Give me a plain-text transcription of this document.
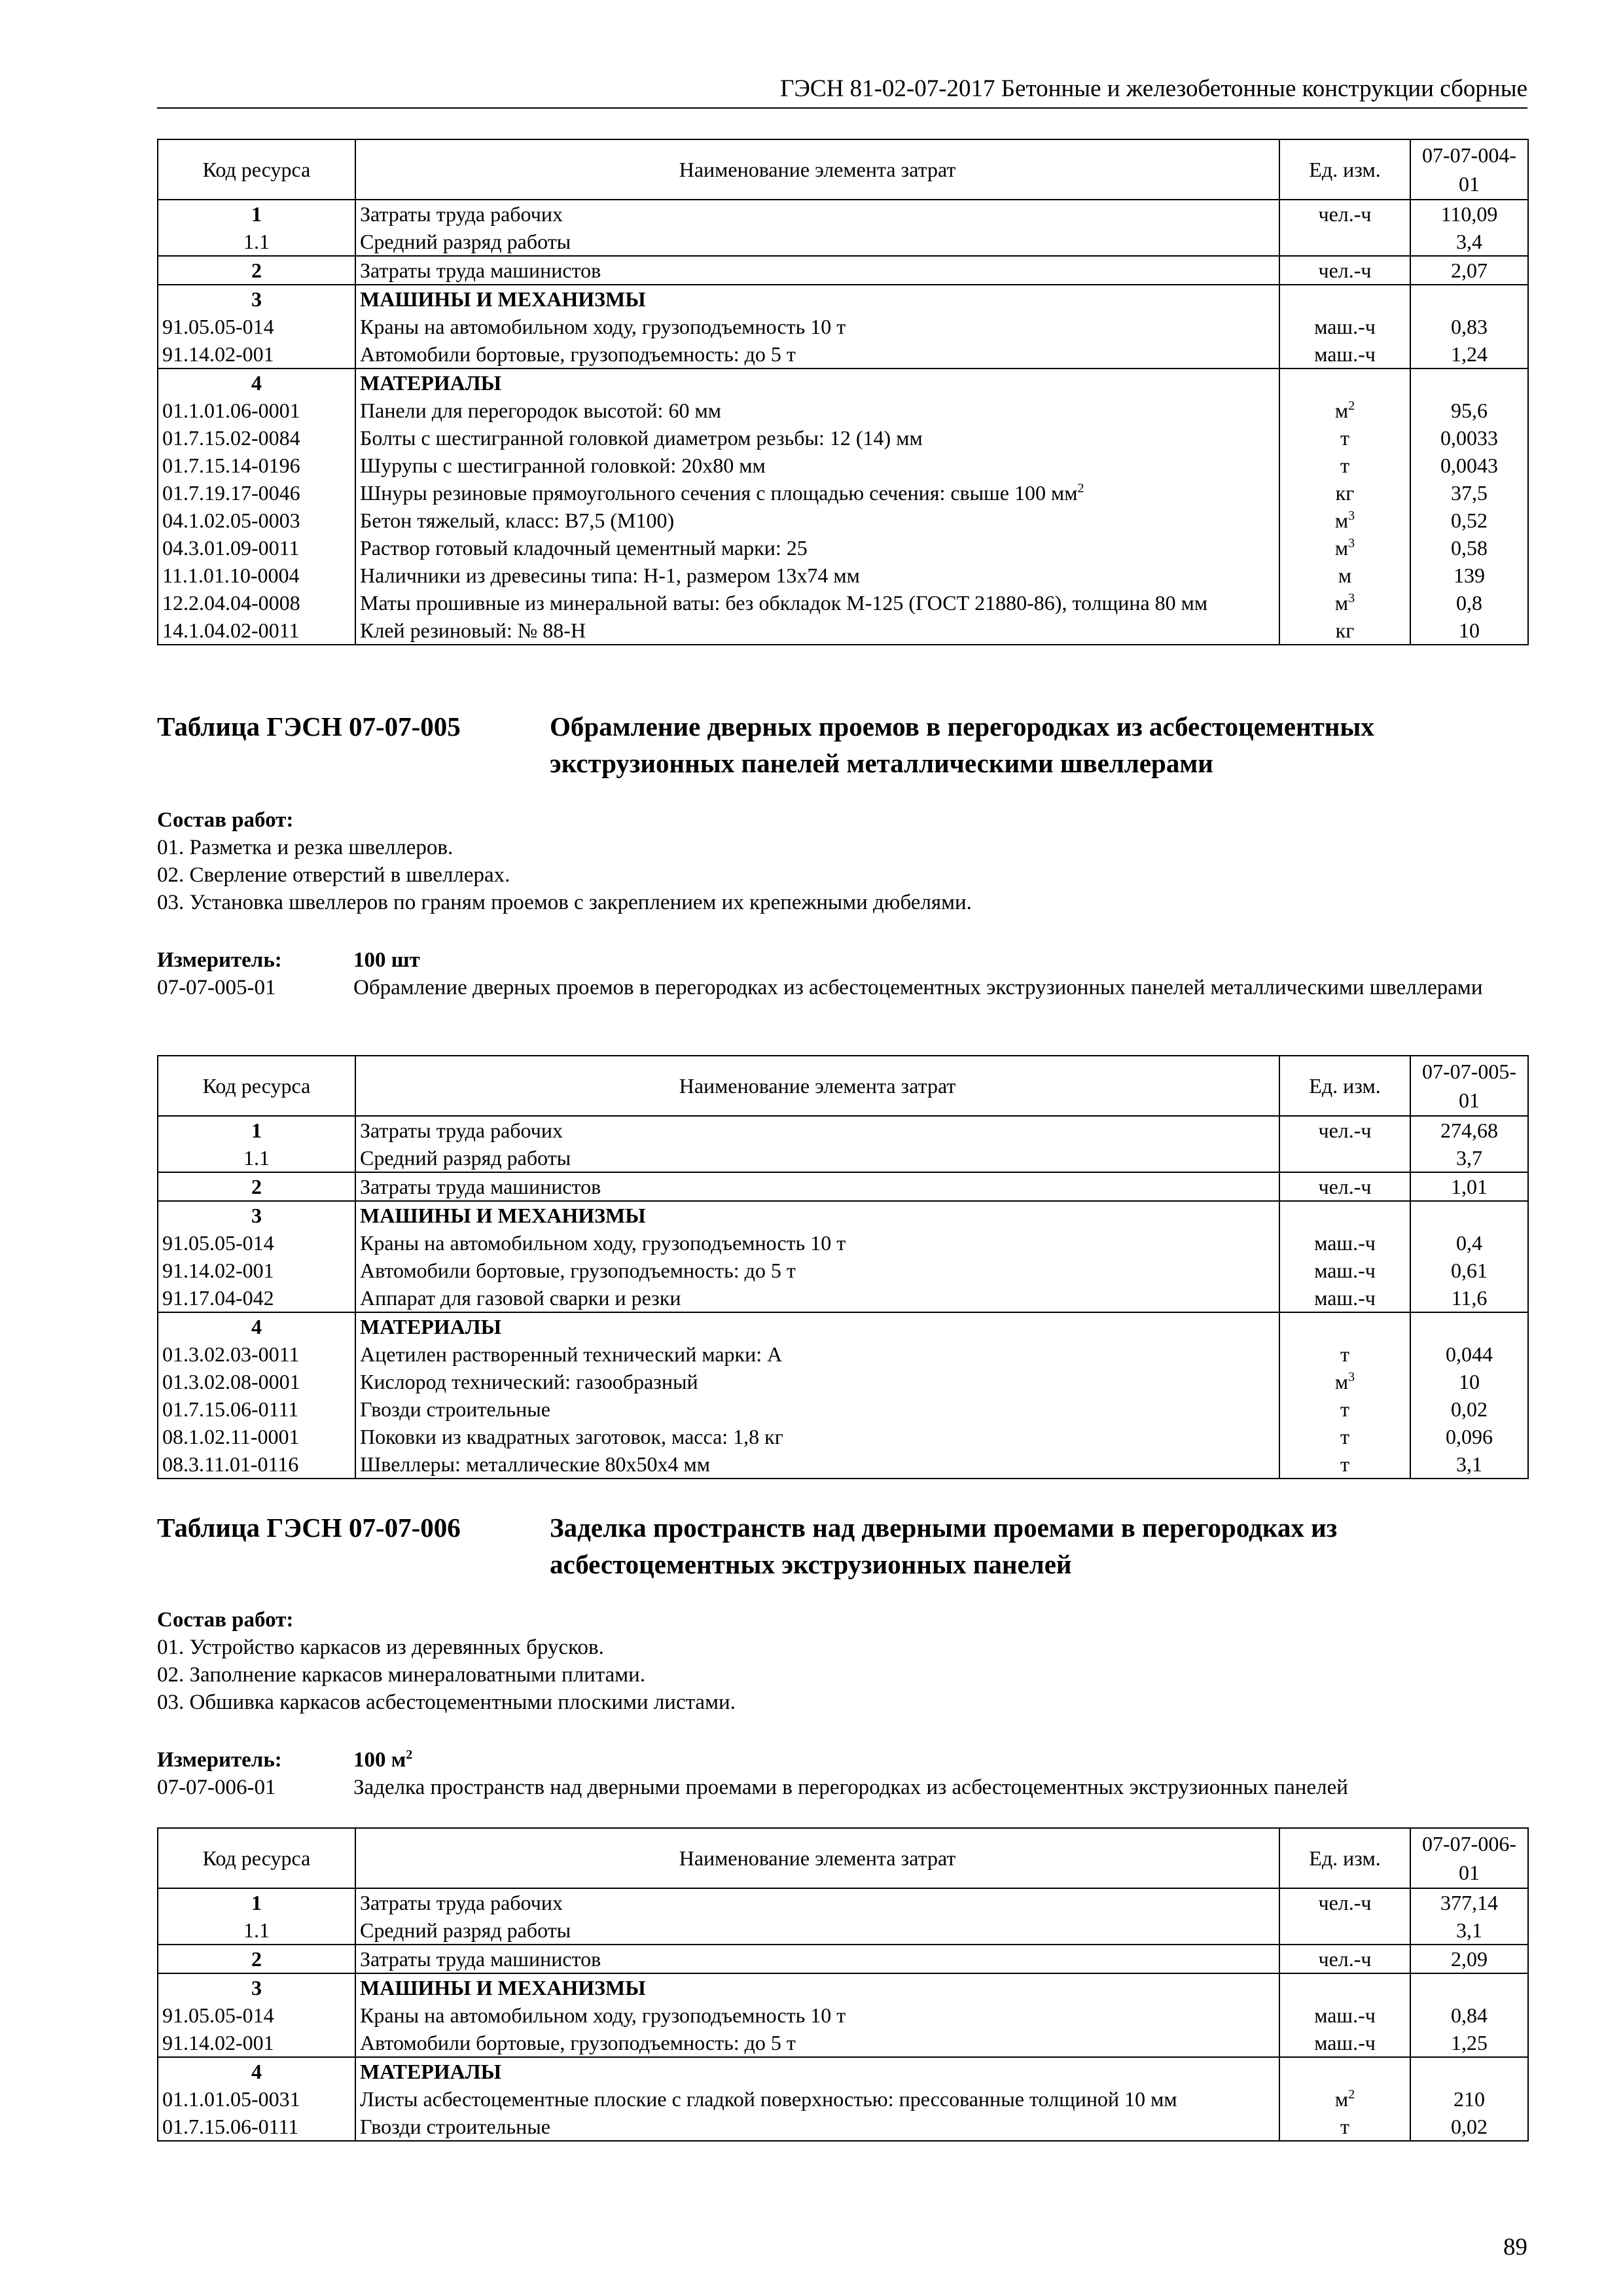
ГЭСН 81-02-07-2017 Бетонные и железобетонные конструкции сборные
Код ресурса	Наименование элемента затрат	Ед. изм.	07-07-004-01
1	Затраты труда рабочих	чел.-ч	110,09
1.1	Средний разряд работы		3,4
2	Затраты труда машинистов	чел.-ч	2,07
3	МАШИНЫ И МЕХАНИЗМЫ		
91.05.05-014	Краны на автомобильном ходу, грузоподъемность 10 т	маш.-ч	0,83
91.14.02-001	Автомобили бортовые, грузоподъемность: до 5 т	маш.-ч	1,24
4	МАТЕРИАЛЫ		
01.1.01.06-0001	Панели для перегородок высотой: 60 мм	$м^2$	95,6
01.7.15.02-0084	Болты с шестигранной головкой диаметром резьбы: 12 (14) мм	т	0,0033
01.7.15.14-0196	Шурупы с шестигранной головкой: 20х80 мм	т	0,0043
01.7.19.17-0046	Шнуры резиновые прямоугольного сечения с площадью сечения: свыше 100 $мм^2$	кг	37,5
04.1.02.05-0003	Бетон тяжелый, класс: В7,5 (М100)	$м^3$	0,52
04.3.01.09-0011	Раствор готовый кладочный цементный марки: 25	$м^3$	0,58
11.1.01.10-0004	Наличники из древесины типа: Н-1, размером 13х74 мм	м	139
12.2.04.04-0008	Маты прошивные из минеральной ваты: без обкладок М-125 (ГОСТ 21880-86), толщина 80 мм	$м^3$	0,8
14.1.04.02-0011	Клей резиновый: № 88-Н	кг	10
Таблица ГЭСН 07-07-005	Обрамление дверных проемов в перегородках из асбестоцементных экструзионных панелей металлическими швеллерами
Состав работ:
01. Разметка и резка швеллеров.
02. Сверление отверстий в швеллерах.
03. Установка швеллеров по граням проемов с закреплением их крепежными дюбелями.
Измеритель:	100 шт
07-07-005-01	Обрамление дверных проемов в перегородках из асбестоцементных экструзионных панелей металлическими швеллерами
Код ресурса	Наименование элемента затрат	Ед. изм.	07-07-005-01
1	Затраты труда рабочих	чел.-ч	274,68
1.1	Средний разряд работы		3,7
2	Затраты труда машинистов	чел.-ч	1,01
3	МАШИНЫ И МЕХАНИЗМЫ		
91.05.05-014	Краны на автомобильном ходу, грузоподъемность 10 т	маш.-ч	0,4
91.14.02-001	Автомобили бортовые, грузоподъемность: до 5 т	маш.-ч	0,61
91.17.04-042	Аппарат для газовой сварки и резки	маш.-ч	11,6
4	МАТЕРИАЛЫ		
01.3.02.03-0011	Ацетилен растворенный технический марки: А	т	0,044
01.3.02.08-0001	Кислород технический: газообразный	$м^3$	10
01.7.15.06-0111	Гвозди строительные	т	0,02
08.1.02.11-0001	Поковки из квадратных заготовок, масса: 1,8 кг	т	0,096
08.3.11.01-0116	Швеллеры: металлические 80х50х4 мм	т	3,1
Таблица ГЭСН 07-07-006	Заделка пространств над дверными проемами в перегородках из асбестоцементных экструзионных панелей
Состав работ:
01. Устройство каркасов из деревянных брусков.
02. Заполнение каркасов минераловатными плитами.
03. Обшивка каркасов асбестоцементными плоскими листами.
Измеритель:	100 $м^2$
07-07-006-01	Заделка пространств над дверными проемами в перегородках из асбестоцементных экструзионных панелей
Код ресурса	Наименование элемента затрат	Ед. изм.	07-07-006-01
1	Затраты труда рабочих	чел.-ч	377,14
1.1	Средний разряд работы		3,1
2	Затраты труда машинистов	чел.-ч	2,09
3	МАШИНЫ И МЕХАНИЗМЫ		
91.05.05-014	Краны на автомобильном ходу, грузоподъемность 10 т	маш.-ч	0,84
91.14.02-001	Автомобили бортовые, грузоподъемность: до 5 т	маш.-ч	1,25
4	МАТЕРИАЛЫ		
01.1.01.05-0031	Листы асбестоцементные плоские с гладкой поверхностью: прессованные толщиной 10 мм	$м^2$	210
01.7.15.06-0111	Гвозди строительные	т	0,02
89
